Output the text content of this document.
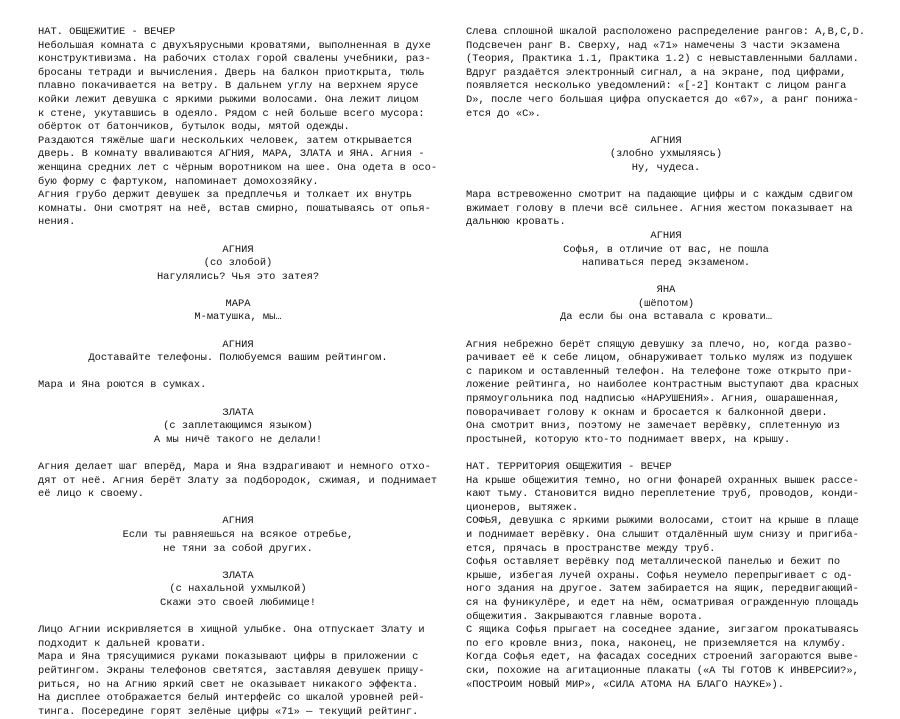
НАТ. ОБЩЕЖИТИЕ - ВЕЧЕР
Небольшая комната с двухъярусными кроватями, выполненная в духе
конструктивизма. На рабочих столах горой свалены учебники, раз-
бросаны тетради и вычисления. Дверь на балкон приоткрыта, тюль
плавно покачивается на ветру. В дальнем углу на верхнем ярусе
койки лежит девушка с яркими рыжими волосами. Она лежит лицом
к стене, укутавшись в одеяло. Рядом с ней больше всего мусора:
обёрток от батончиков, бутылок воды, мятой одежды.
Раздаются тяжёлые шаги нескольких человек, затем открывается
дверь. В комнату вваливаются АГНИЯ, МАРА, ЗЛАТА и ЯНА. Агния -
женщина средних лет с чёрным воротником на шее. Она одета в осо-
бую форму с фартуком, напоминает домохозяйку.
Агния грубо держит девушек за предплечья и толкает их внутрь
комнаты. Они смотрят на неё, встав смирно, пошатываясь от опья-
нения.
АГНИЯ
(со злобой)
Нагулялись? Чья это затея?
МАРА
М-матушка, мы…
АГНИЯ
Доставайте телефоны. Полюбуемся вашим рейтингом.
Мара и Яна роются в сумках.
ЗЛАТА
(с заплетающимся языком)
А мы ничё такого не делали!
Агния делает шаг вперёд, Мара и Яна вздрагивают и немного отхо-
дят от неё. Агния берёт Злату за подбородок, сжимая, и поднимает
её лицо к своему.
АГНИЯ
Если ты равняешься на всякое отребье,
не тяни за собой других.
ЗЛАТА
(с нахальной ухмылкой)
Скажи это своей любимице!
Лицо Агнии искривляется в хищной улыбке. Она отпускает Злату и
подходит к дальней кровати.
Мара и Яна трясущимися руками показывают цифры в приложении с
рейтингом. Экраны телефонов светятся, заставляя девушек прищу-
риться, но на Агнию яркий свет не оказывает никакого эффекта.
На дисплее отображается белый интерфейс со шкалой уровней рей-
тинга. Посередине горят зелёные цифры «71» — текущий рейтинг.
Слева сплошной шкалой расположено распределение рангов: A,B,C,D.
Подсвечен ранг B. Сверху, над «71» намечены 3 части экзамена
(Теория, Практика 1.1, Практика 1.2) с невыставленными баллами.
Вдруг раздаётся электронный сигнал, а на экране, под цифрами,
появляется несколько уведомлений: «[-2] Контакт с лицом ранга
D», после чего большая цифра опускается до «67», а ранг понижа-
ется до «C».
АГНИЯ
(злобно ухмыляясь)
Ну, чудеса.
Мара встревоженно смотрит на падающие цифры и с каждым сдвигом
вжимает голову в плечи всё сильнее. Агния жестом показывает на
дальнюю кровать.
АГНИЯ
Софья, в отличие от вас, не пошла
напиваться перед экзаменом.
ЯНА
(шёпотом)
Да если бы она вставала с кровати…
Агния небрежно берёт спящую девушку за плечо, но, когда разво-
рачивает её к себе лицом, обнаруживает только муляж из подушек
с париком и оставленный телефон. На телефоне тоже открыто при-
ложение рейтинга, но наиболее контрастным выступают два красных
прямоугольника под надписью «НАРУШЕНИЯ». Агния, ошарашенная,
поворачивает голову к окнам и бросается к балконной двери.
Она смотрит вниз, поэтому не замечает верёвку, сплетенную из
простыней, которую кто-то поднимает вверх, на крышу.
НАТ. ТЕРРИТОРИЯ ОБЩЕЖИТИЯ - ВЕЧЕР
На крыше общежития темно, но огни фонарей охранных вышек рассе-
кают тьму. Становится видно переплетение труб, проводов, конди-
ционеров, вытяжек.
СОФЬЯ, девушка с яркими рыжими волосами, стоит на крыше в плаще
и поднимает верёвку. Она слышит отдалённый шум снизу и пригиба-
ется, прячась в пространстве между труб.
Софья оставляет верёвку под металлической панелью и бежит по
крыше, избегая лучей охраны. Софья неумело перепрыгивает с од-
ного здания на другое. Затем забирается на ящик, передвигающий-
ся на фуникулёре, и едет на нём, осматривая огражденную площадь
общежития. Закрываются главные ворота.
С ящика Софья прыгает на соседнее здание, зигзагом прокатываясь
по его кровле вниз, пока, наконец, не приземляется на клумбу.
Когда Софья едет, на фасадах соседних строений загораются выве-
ски, похожие на агитационные плакаты («А ТЫ ГОТОВ К ИНВЕРСИИ?»,
«ПОСТРОИМ НОВЫЙ МИР», «СИЛА АТОМА НА БЛАГО НАУКЕ»).
